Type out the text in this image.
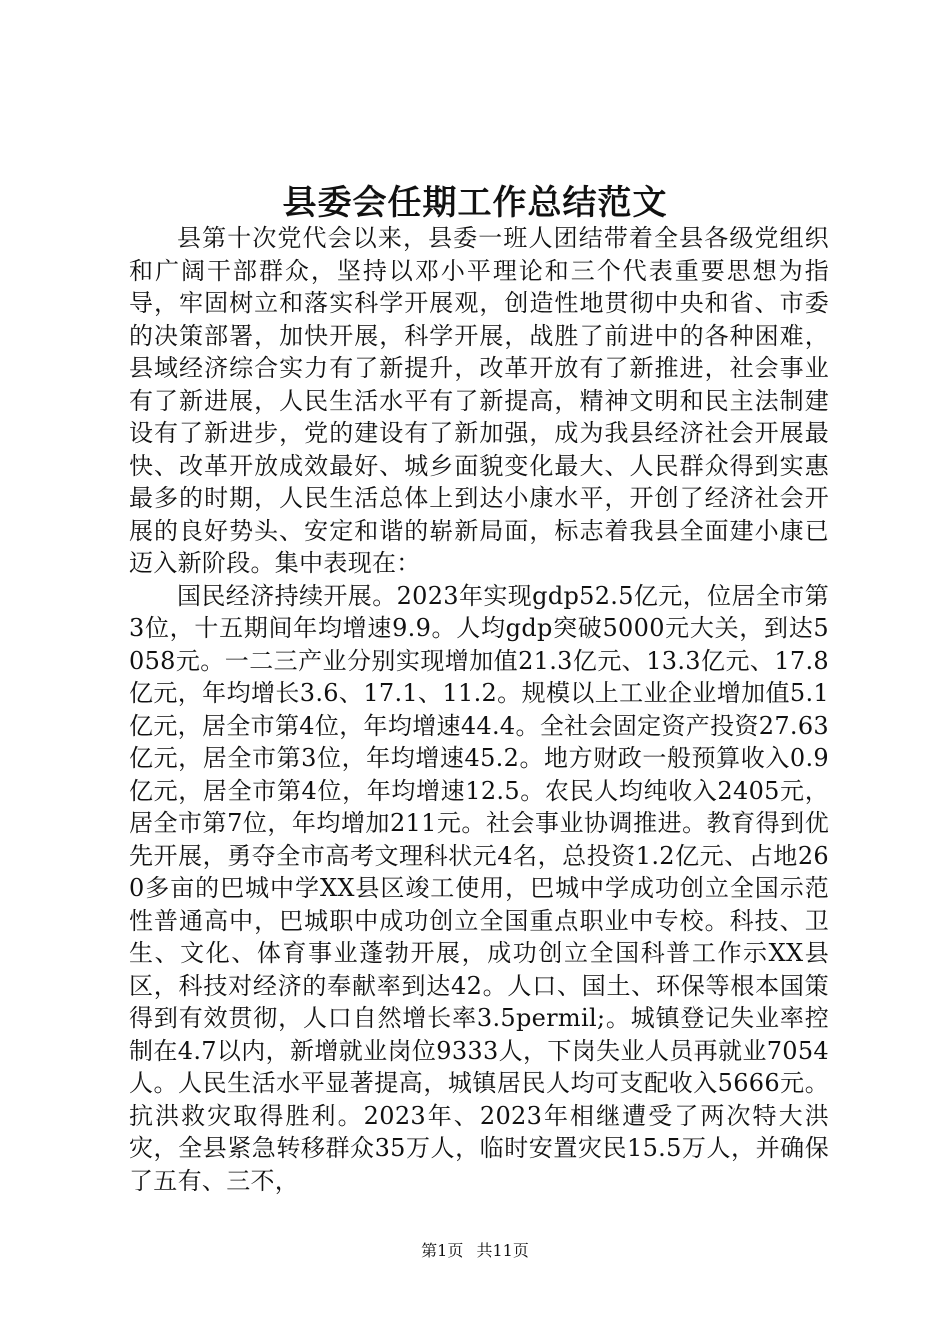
县委会任期工作总结范文

县第十次党代会以来，县委一班人团结带着全县各级党组织和广阔干部群众，坚持以邓小平理论和三个代表重要思想为指导，牢固树立和落实科学开展观，创造性地贯彻中央和省、市委的决策部署，加快开展，科学开展，战胜了前进中的各种困难，县域经济综合实力有了新提升，改革开放有了新推进，社会事业有了新进展，人民生活水平有了新提高，精神文明和民主法制建设有了新进步，党的建设有了新加强，成为我县经济社会开展最快、改革开放成效最好、城乡面貌变化最大、人民群众得到实惠最多的时期，人民生活总体上到达小康水平，开创了经济社会开展的良好势头、安定和谐的崭新局面，标志着我县全面建小康已迈入新阶段。集中表现在：

国民经济持续开展。2023年实现gdp52.5亿元，位居全市第3位，十五期间年均增速9.9。人均gdp突破5000元大关，到达5058元。一二三产业分别实现增加值21.3亿元、13.3亿元、17.8亿元，年均增长3.6、17.1、11.2。规模以上工业企业增加值5.1亿元，居全市第4位，年均增速44.4。全社会固定资产投资27.63亿元，居全市第3位，年均增速45.2。地方财政一般预算收入0.9亿元，居全市第4位，年均增速12.5。农民人均纯收入2405元，居全市第7位，年均增加211元。社会事业协调推进。教育得到优先开展，勇夺全市高考文理科状元4名，总投资1.2亿元、占地260多亩的巴城中学XX县区竣工使用，巴城中学成功创立全国示范性普通高中，巴城职中成功创立全国重点职业中专校。科技、卫生、文化、体育事业蓬勃开展，成功创立全国科普工作示XX县区，科技对经济的奉献率到达42。人口、国土、环保等根本国策得到有效贯彻，人口自然增长率3.5permil;。城镇登记失业率控制在4.7以内，新增就业岗位9333人，下岗失业人员再就业7054人。人民生活水平显著提高，城镇居民人均可支配收入5666元。抗洪救灾取得胜利。2023年、2023年相继遭受了两次特大洪灾，全县紧急转移群众35万人，临时安置灾民15.5万人，并确保了五有、三不，

第1页 共11页
